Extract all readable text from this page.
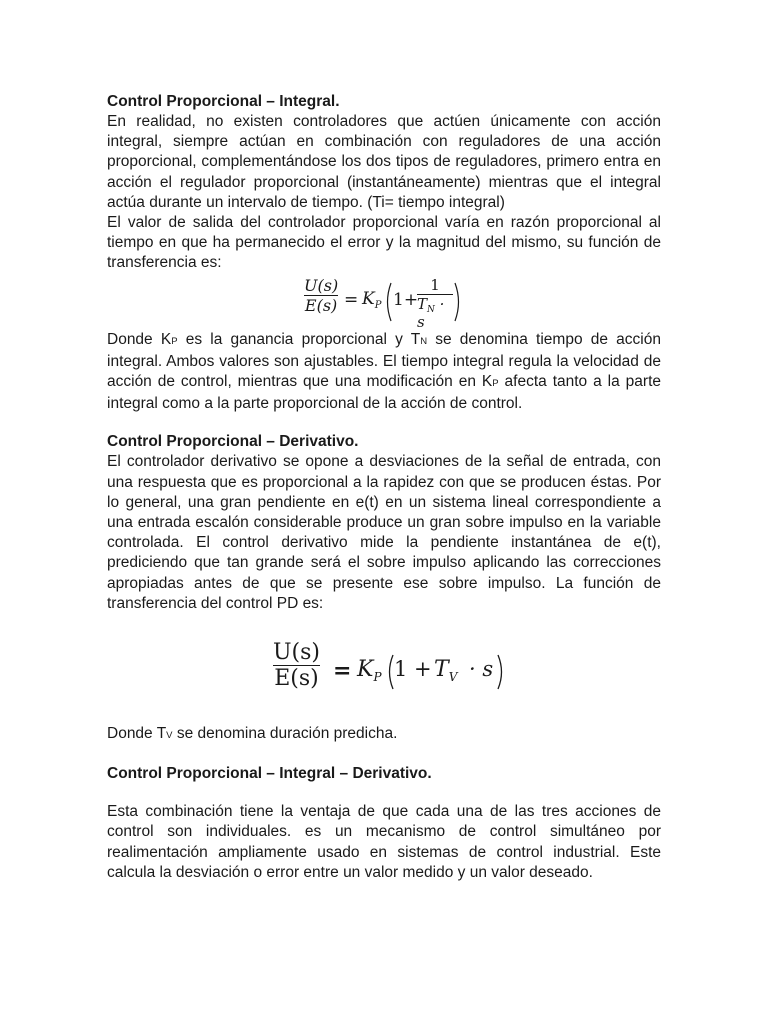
Control Proporcional – Integral.

En realidad, no existen controladores que actúen únicamente con acción integral, siempre actúan en combinación con reguladores de una acción proporcional, complementándose los dos tipos de reguladores, primero entra en acción el regulador proporcional (instantáneamente) mientras que el integral actúa durante un intervalo de tiempo. (Ti= tiempo integral)

El valor de salida del controlador proporcional varía en razón proporcional al tiempo en que ha permanecido el error y la magnitud del mismo, su función de transferencia es:

U(s)
$E(s) = K_P$ 1+
1
$T_N \cdot s$

Donde KP es la ganancia proporcional y TN se denomina tiempo de acción integral. Ambos valores son ajustables. El tiempo integral regula la velocidad de acción de control, mientras que una modificación en KP afecta tanto a la parte integral como a la parte proporcional de la acción de control.

Control Proporcional – Derivativo.

El controlador derivativo se opone a desviaciones de la señal de entrada, con una respuesta que es proporcional a la rapidez con que se producen éstas. Por lo general, una gran pendiente en e(t) en un sistema lineal correspondiente a una entrada escalón considerable produce un gran sobre impulso en la variable controlada. El control derivativo mide la pendiente instantánea de e(t), prediciendo que tan grande será el sobre impulso aplicando las correcciones apropiadas antes de que se presente ese sobre impulso. La función de transferencia del control PD es:

U(s)
$E(s) = K_P$ $1 + T_V \cdot s$

Donde TV se denomina duración predicha.

Control Proporcional – Integral – Derivativo.

Esta combinación tiene la ventaja de que cada una de las tres acciones de control son individuales. es un mecanismo de control simultáneo por realimentación ampliamente usado en sistemas de control industrial. Este calcula la desviación o error entre un valor medido y un valor deseado.
